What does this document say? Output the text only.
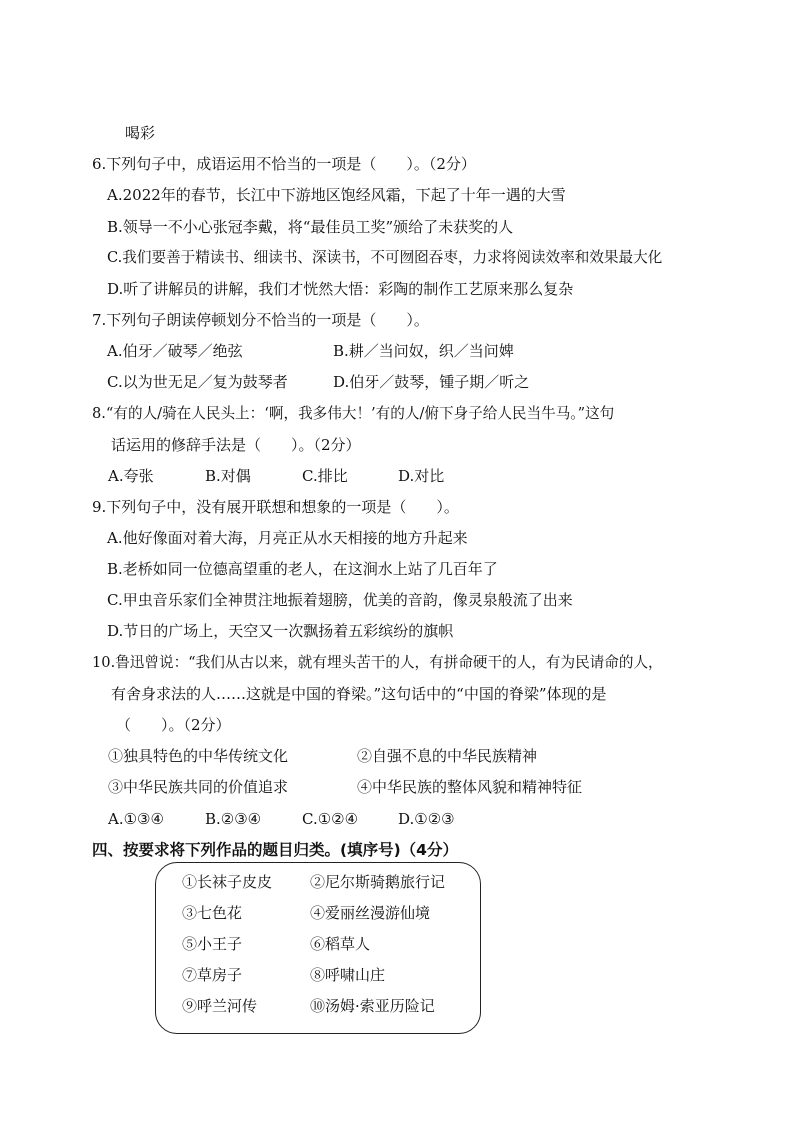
喝彩
6.下列句子中，成语运用不恰当的一项是（　　）。（2分）
A.2022年的春节，长江中下游地区饱经风霜，下起了十年一遇的大雪
B.领导一不小心张冠李戴，将“最佳员工奖”颁给了未获奖的人
C.我们要善于精读书、细读书、深读书，不可囫囵吞枣，力求将阅读效率和效果最大化
D.听了讲解员的讲解，我们才恍然大悟：彩陶的制作工艺原来那么复杂
7.下列句子朗读停顿划分不恰当的一项是（　　）。
A.伯牙／破琴／绝弦	B.耕／当问奴，织／当问婢
C.以为世无足／复为鼓琴者	D.伯牙／鼓琴，锺子期／听之
8.“有的人/骑在人民头上：‘啊，我多伟大！’有的人/俯下身子给人民当牛马。”这句
话运用的修辞手法是（　　）。（2分）
A.夸张	B.对偶	C.排比	D.对比
9.下列句子中，没有展开联想和想象的一项是（　　）。
A.他好像面对着大海，月亮正从水天相接的地方升起来
B.老桥如同一位德高望重的老人，在这涧水上站了几百年了
C.甲虫音乐家们全神贯注地振着翅膀，优美的音韵，像灵泉般流了出来
D.节日的广场上，天空又一次飘扬着五彩缤纷的旗帜
10.鲁迅曾说：“我们从古以来，就有埋头苦干的人，有拼命硬干的人，有为民请命的人，
有舍身求法的人……这就是中国的脊梁。”这句话中的“中国的脊梁”体现的是
（　　）。（2分）
①独具特色的中华传统文化	②自强不息的中华民族精神
③中华民族共同的价值追求	④中华民族的整体风貌和精神特征
A.①③④	B.②③④	C.①②④	D.①②③
四、按要求将下列作品的题目归类。(填序号)（4分）
①长袜子皮皮	②尼尔斯骑鹅旅行记
③七色花	④爱丽丝漫游仙境
⑤小王子	⑥稻草人
⑦草房子	⑧呼啸山庄
⑨呼兰河传	⑩汤姆·索亚历险记
